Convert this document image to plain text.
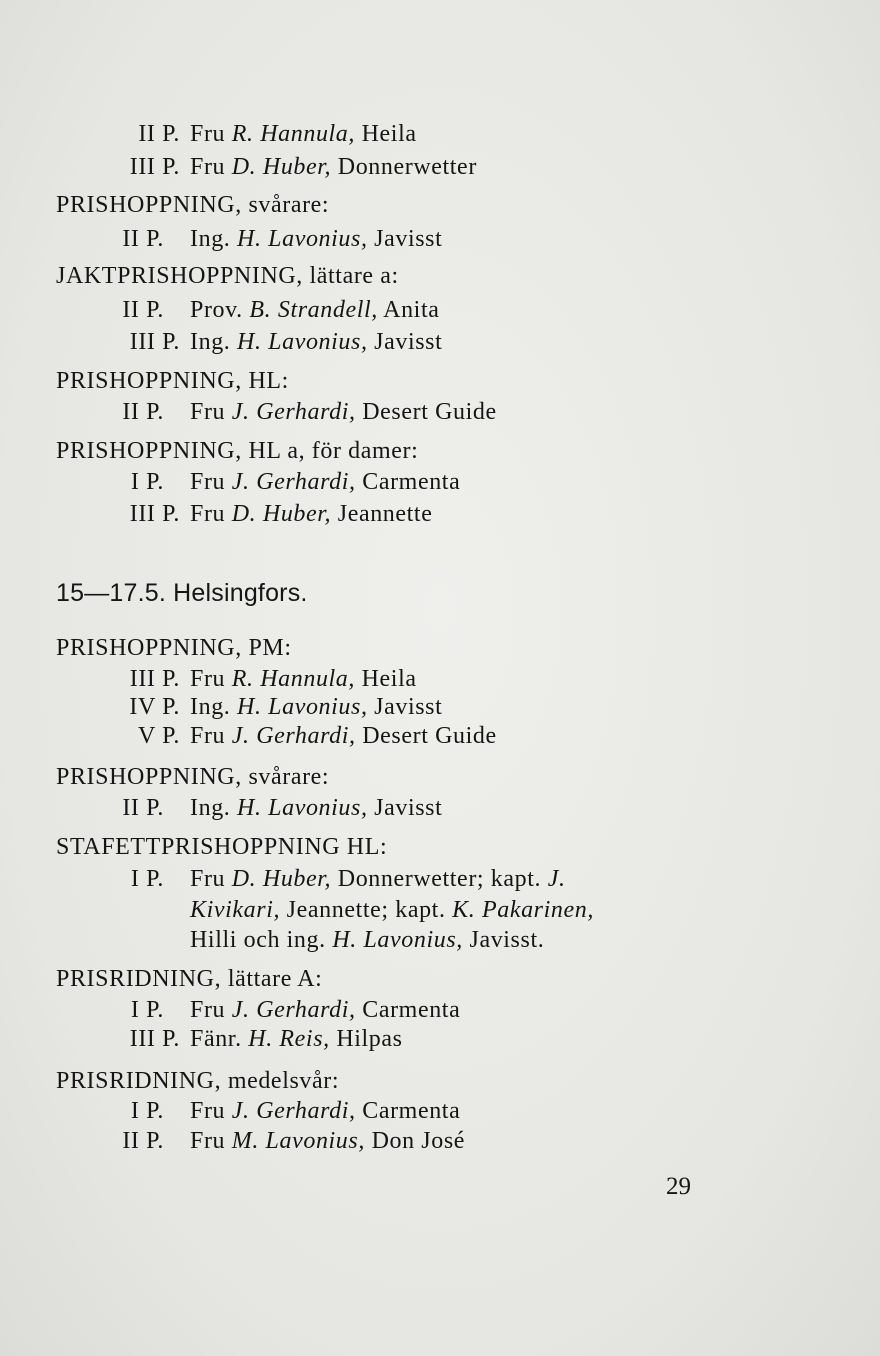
II P. Fru R. Hannula, Heila
III P. Fru D. Huber, Donnerwetter
PRISHOPPNING, svårare:
II P. Ing. H. Lavonius, Javisst
JAKTPRISHOPPNING, lättare a:
II P. Prov. B. Strandell, Anita
III P. Ing. H. Lavonius, Javisst
PRISHOPPNING, HL:
II P. Fru J. Gerhardi, Desert Guide
PRISHOPPNING, HL a, för damer:
I P. Fru J. Gerhardi, Carmenta
III P. Fru D. Huber, Jeannette
15—17.5. Helsingfors.
PRISHOPPNING, PM:
III P. Fru R. Hannula, Heila
IV P. Ing. H. Lavonius, Javisst
V P. Fru J. Gerhardi, Desert Guide
PRISHOPPNING, svårare:
II P. Ing. H. Lavonius, Javisst
STAFETTPRISHOPPNING HL:
I P. Fru D. Huber, Donnerwetter; kapt. J.
Kivikari, Jeannette; kapt. K. Pakarinen,
Hilli och ing. H. Lavonius, Javisst.
PRISRIDNING, lättare A:
I P. Fru J. Gerhardi, Carmenta
III P. Fänr. H. Reis, Hilpas
PRISRIDNING, medelsvår:
I P. Fru J. Gerhardi, Carmenta
II P. Fru M. Lavonius, Don José
29
